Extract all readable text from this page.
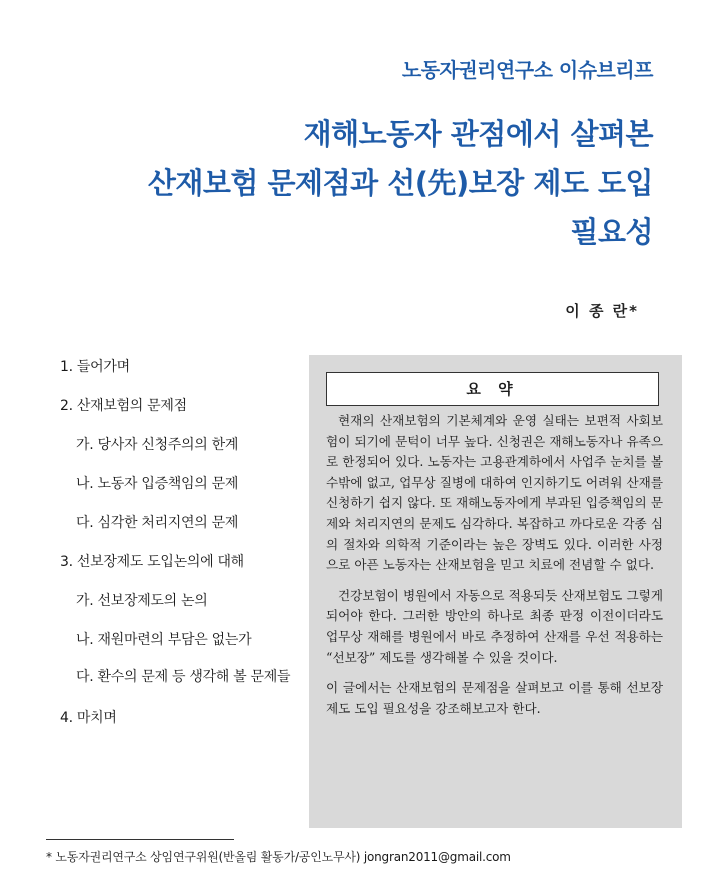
노동자권리연구소 이슈브리프
재해노동자 관점에서 살펴본
산재보험 문제점과 선(先)보장 제도 도입
필요성
이 종 란*
1. 들어가며
2. 산재보험의 문제점
가. 당사자 신청주의의 한계
나. 노동자 입증책임의 문제
다. 심각한 처리지연의 문제
3. 선보장제도 도입논의에 대해
가. 선보장제도의 논의
나. 재원마련의 부담은 없는가
다. 환수의 문제 등 생각해 볼 문제들
4. 마치며
요 약

현재의 산재보험의 기본체계와 운영 실태는 보편적 사회보험이 되기에 문턱이 너무 높다. 신청권은 재해노동자나 유족으로 한정되어 있다. 노동자는 고용관계하에서 사업주 눈치를 볼 수밖에 없고, 업무상 질병에 대하여 인지하기도 어려워 산재를 신청하기 쉽지 않다. 또 재해노동자에게 부과된 입증책임의 문제와 처리지연의 문제도 심각하다. 복잡하고 까다로운 각종 심의 절차와 의학적 기준이라는 높은 장벽도 있다. 이러한 사정으로 아픈 노동자는 산재보험을 믿고 치료에 전념할 수 없다.

건강보험이 병원에서 자동으로 적용되듯 산재보험도 그렇게 되어야 한다. 그러한 방안의 하나로 최종 판정 이전이더라도 업무상 재해를 병원에서 바로 추정하여 산재를 우선 적용하는 “선보장” 제도를 생각해볼 수 있을 것이다.

이 글에서는 산재보험의 문제점을 살펴보고 이를 통해 선보장 제도 도입 필요성을 강조해보고자 한다.

* 노동자권리연구소 상임연구위원(반올림 활동가/공인노무사) jongran2011@gmail.com
